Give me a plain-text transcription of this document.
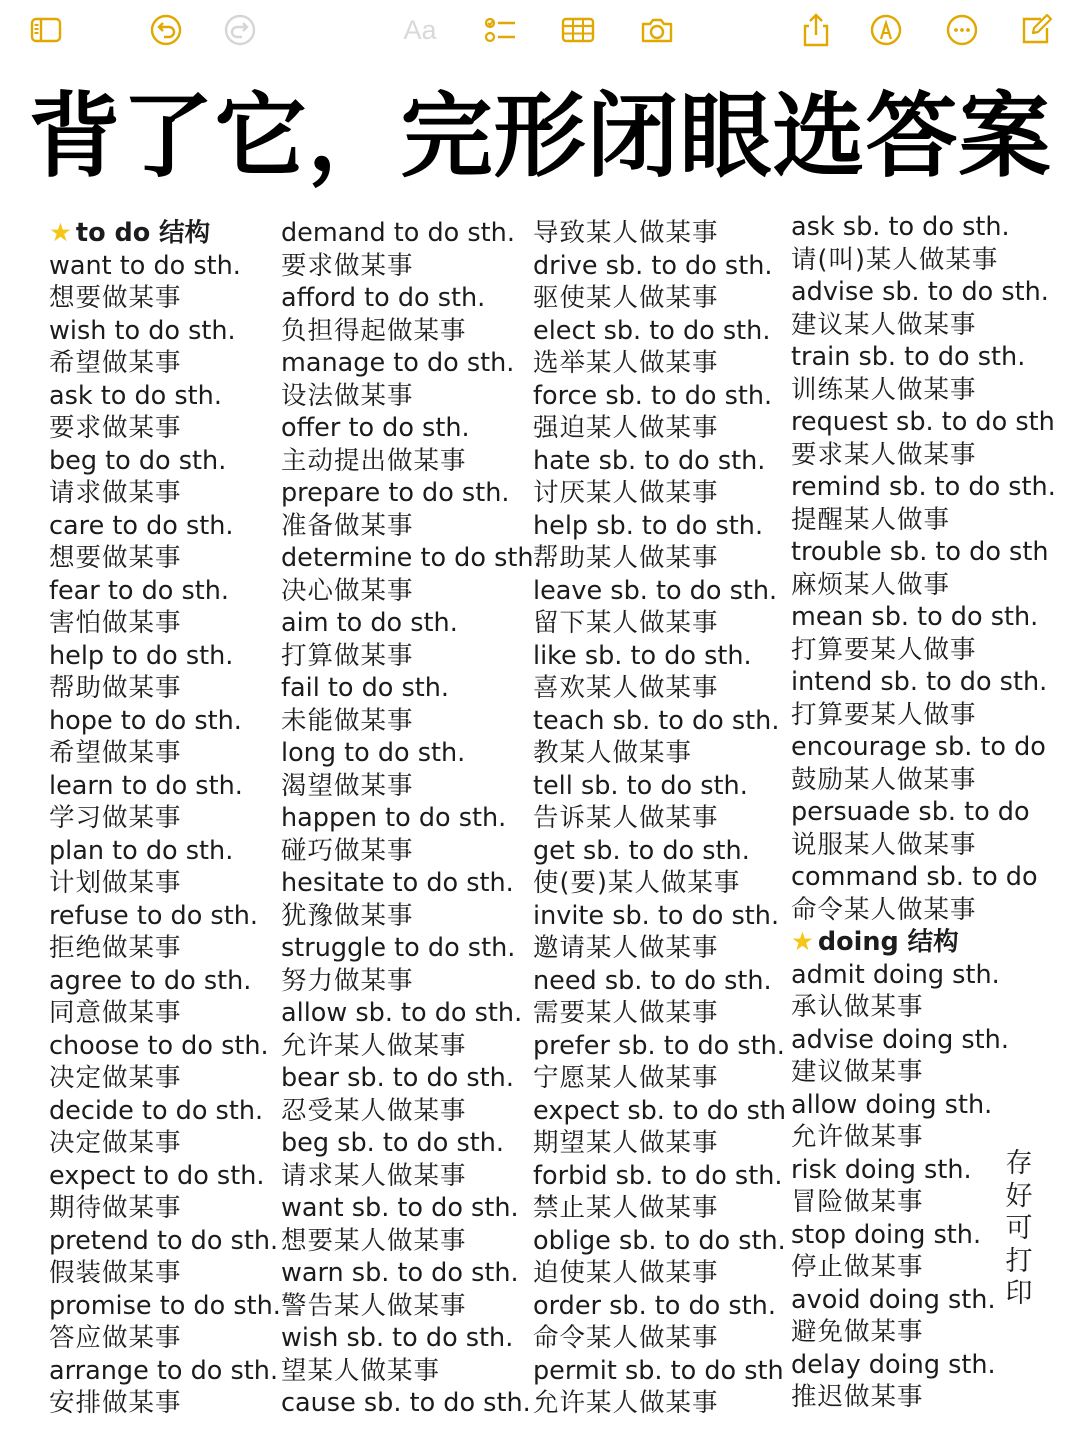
Aa
背了它，完形闭眼选答案
★ to do 结构
want to do sth.
想要做某事
wish to do sth.
希望做某事
ask to do sth.
要求做某事
beg to do sth.
请求做某事
care to do sth.
想要做某事
fear to do sth.
害怕做某事
help to do sth.
帮助做某事
hope to do sth.
希望做某事
learn to do sth.
学习做某事
plan to do sth.
计划做某事
refuse to do sth.
拒绝做某事
agree to do sth.
同意做某事
choose to do sth.
决定做某事
decide to do sth.
决定做某事
expect to do sth.
期待做某事
pretend to do sth.
假装做某事
promise to do sth.
答应做某事
arrange to do sth.
安排做某事
demand to do sth.
要求做某事
afford to do sth.
负担得起做某事
manage to do sth.
设法做某事
offer to do sth.
主动提出做某事
prepare to do sth.
准备做某事
determine to do sth.
决心做某事
aim to do sth.
打算做某事
fail to do sth.
未能做某事
long to do sth.
渴望做某事
happen to do sth.
碰巧做某事
hesitate to do sth.
犹豫做某事
struggle to do sth.
努力做某事
allow sb. to do sth.
允许某人做某事
bear sb. to do sth.
忍受某人做某事
beg sb. to do sth.
请求某人做某事
want sb. to do sth.
想要某人做某事
warn sb. to do sth.
警告某人做某事
wish sb. to do sth.
望某人做某事
cause sb. to do sth.
导致某人做某事
drive sb. to do sth.
驱使某人做某事
elect sb. to do sth.
选举某人做某事
force sb. to do sth.
强迫某人做某事
hate sb. to do sth.
讨厌某人做某事
help sb. to do sth.
帮助某人做某事
leave sb. to do sth.
留下某人做某事
like sb. to do sth.
喜欢某人做某事
teach sb. to do sth.
教某人做某事
tell sb. to do sth.
告诉某人做某事
get sb. to do sth.
使(要)某人做某事
invite sb. to do sth.
邀请某人做某事
need sb. to do sth.
需要某人做某事
prefer sb. to do sth.
宁愿某人做某事
expect sb. to do sth
期望某人做某事
forbid sb. to do sth.
禁止某人做某事
oblige sb. to do sth.
迫使某人做某事
order sb. to do sth.
命令某人做某事
permit sb. to do sth
允许某人做某事
ask sb. to do sth.
请(叫)某人做某事
advise sb. to do sth.
建议某人做某事
train sb. to do sth.
训练某人做某事
request sb. to do sth
要求某人做某事
remind sb. to do sth.
提醒某人做事
trouble sb. to do sth
麻烦某人做事
mean sb. to do sth.
打算要某人做事
intend sb. to do sth.
打算要某人做事
encourage sb. to do
鼓励某人做某事
persuade sb. to do
说服某人做某事
command sb. to do
命令某人做某事
★ doing 结构
admit doing sth.
承认做某事
advise doing sth.
建议做某事
allow doing sth.
允许做某事
risk doing sth.
冒险做某事
stop doing sth.
停止做某事
avoid doing sth.
避免做某事
delay doing sth.
推迟做某事
存
好
可
打
印
